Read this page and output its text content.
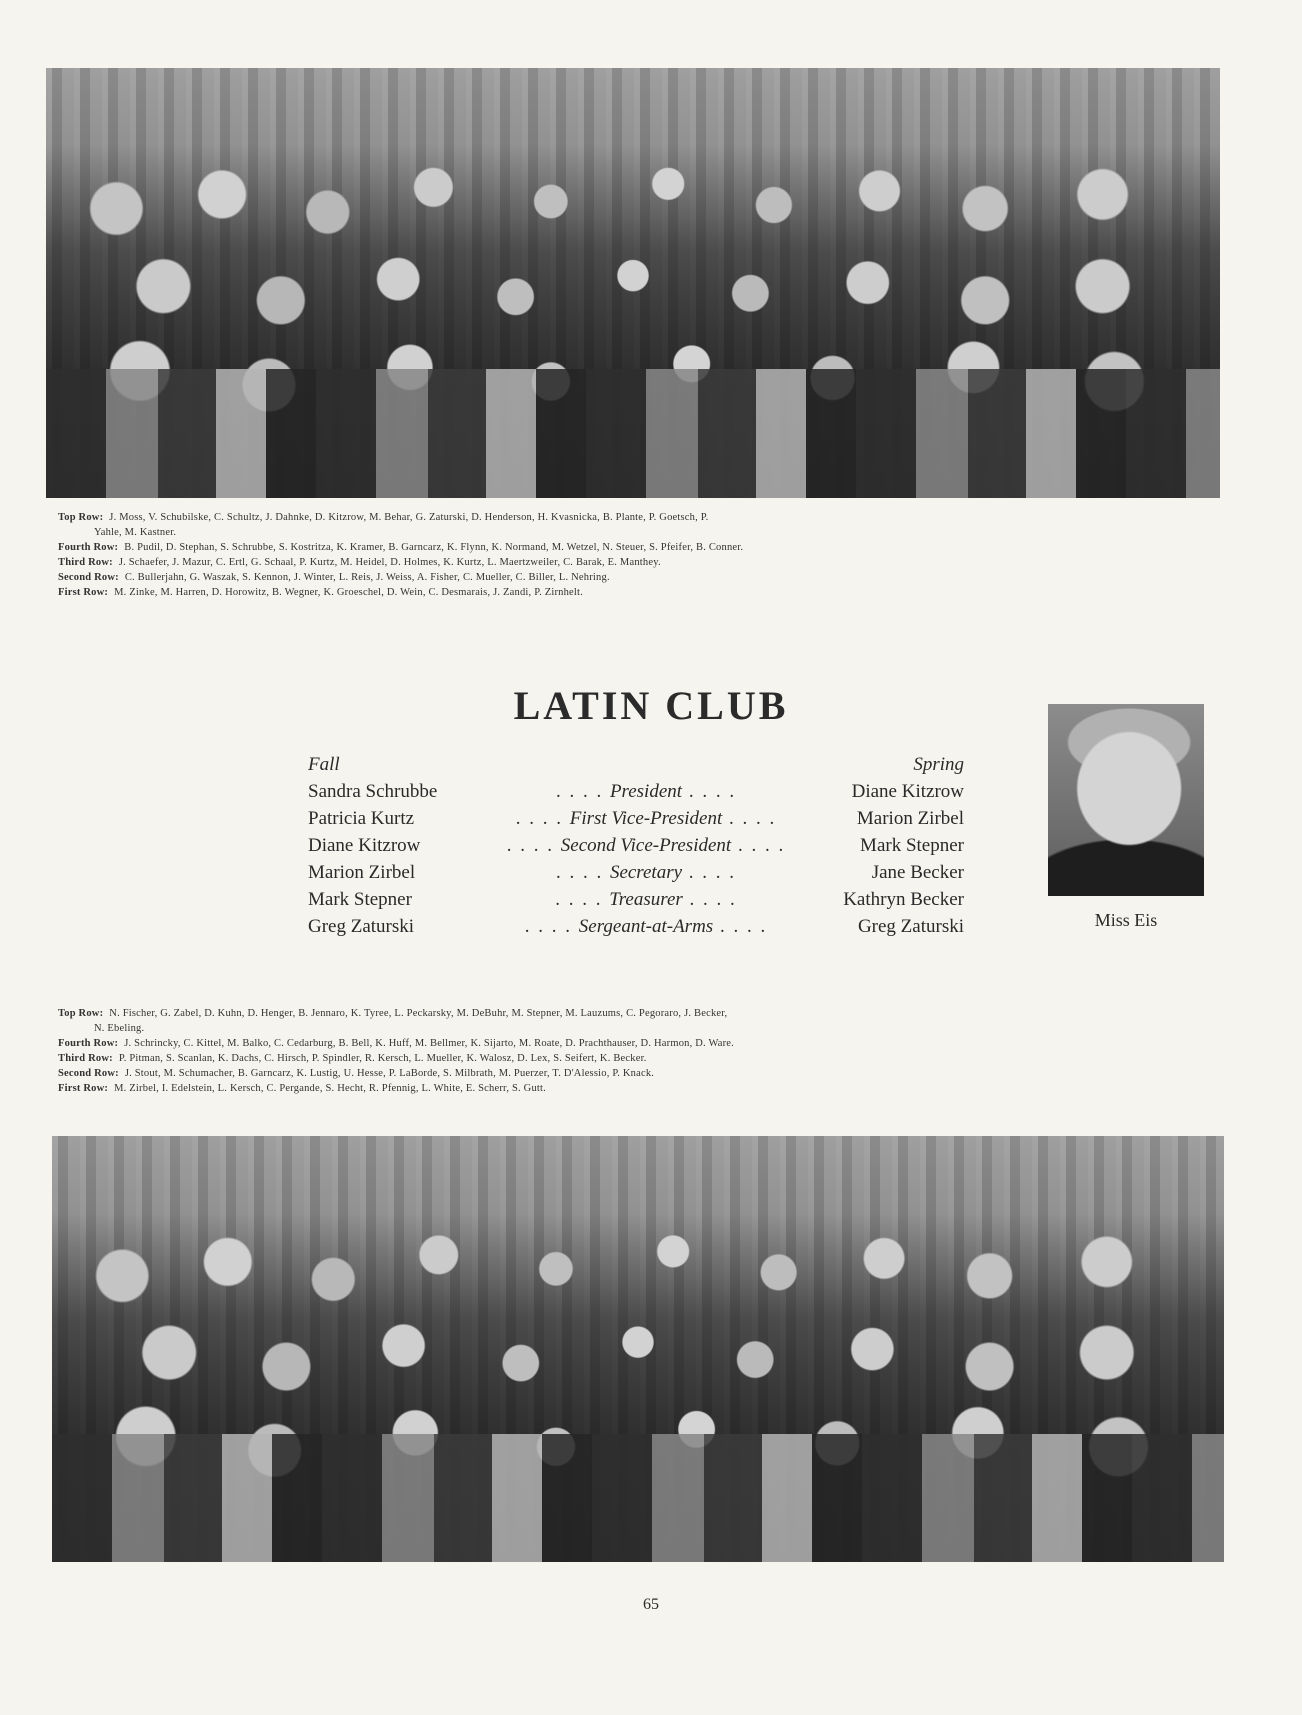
Top Row: J. Moss, V. Schubilske, C. Schultz, J. Dahnke, D. Kitzrow, M. Behar, G. Zaturski, D. Henderson, H. Kvasnicka, B. Plante, P. Goetsch, P.

Yahle, M. Kastner.

Fourth Row: B. Pudil, D. Stephan, S. Schrubbe, S. Kostritza, K. Kramer, B. Garncarz, K. Flynn, K. Normand, M. Wetzel, N. Steuer, S. Pfeifer, B. Conner.

Third Row: J. Schaefer, J. Mazur, C. Ertl, G. Schaal, P. Kurtz, M. Heidel, D. Holmes, K. Kurtz, L. Maertzweiler, C. Barak, E. Manthey.

Second Row: C. Bullerjahn, G. Waszak, S. Kennon, J. Winter, L. Reis, J. Weiss, A. Fisher, C. Mueller, C. Biller, L. Nehring.

First Row: M. Zinke, M. Harren, D. Horowitz, B. Wegner, K. Groeschel, D. Wein, C. Desmarais, J. Zandi, P. Zirnhelt.

LATIN CLUB
Fall	Spring
Sandra Schrubbe	. . President . .	Diane Kitzrow
Patricia Kurtz	. . First Vice-President . .	Marion Zirbel
Diane Kitzrow	. . Second Vice-President . .	Mark Stepner
Marion Zirbel	. . Secretary . .	Jane Becker
Mark Stepner	. . Treasurer . .	Kathryn Becker
Greg Zaturski	. . Sergeant-at-Arms . .	Greg Zaturski	Miss Eis

Top Row: N. Fischer, G. Zabel, D. Kuhn, D. Henger, B. Jennaro, K. Tyree, L. Peckarsky, M. DeBuhr, M. Stepner, M. Lauzums, C. Pegoraro, J. Becker,

N. Ebeling.

Fourth Row: J. Schrincky, C. Kittel, M. Balko, C. Cedarburg, B. Bell, K. Huff, M. Bellmer, K. Sijarto, M. Roate, D. Prachthauser, D. Harmon, D. Ware.

Third Row: P. Pitman, S. Scanlan, K. Dachs, C. Hirsch, P. Spindler, R. Kersch, L. Mueller, K. Walosz, D. Lex, S. Seifert, K. Becker.

Second Row: J. Stout, M. Schumacher, B. Garncarz, K. Lustig, U. Hesse, P. LaBorde, S. Milbrath, M. Puerzer, T. D'Alessio, P. Knack.

First Row: M. Zirbel, I. Edelstein, L. Kersch, C. Pergande, S. Hecht, R. Pfennig, L. White, E. Scherr, S. Gutt.

65
